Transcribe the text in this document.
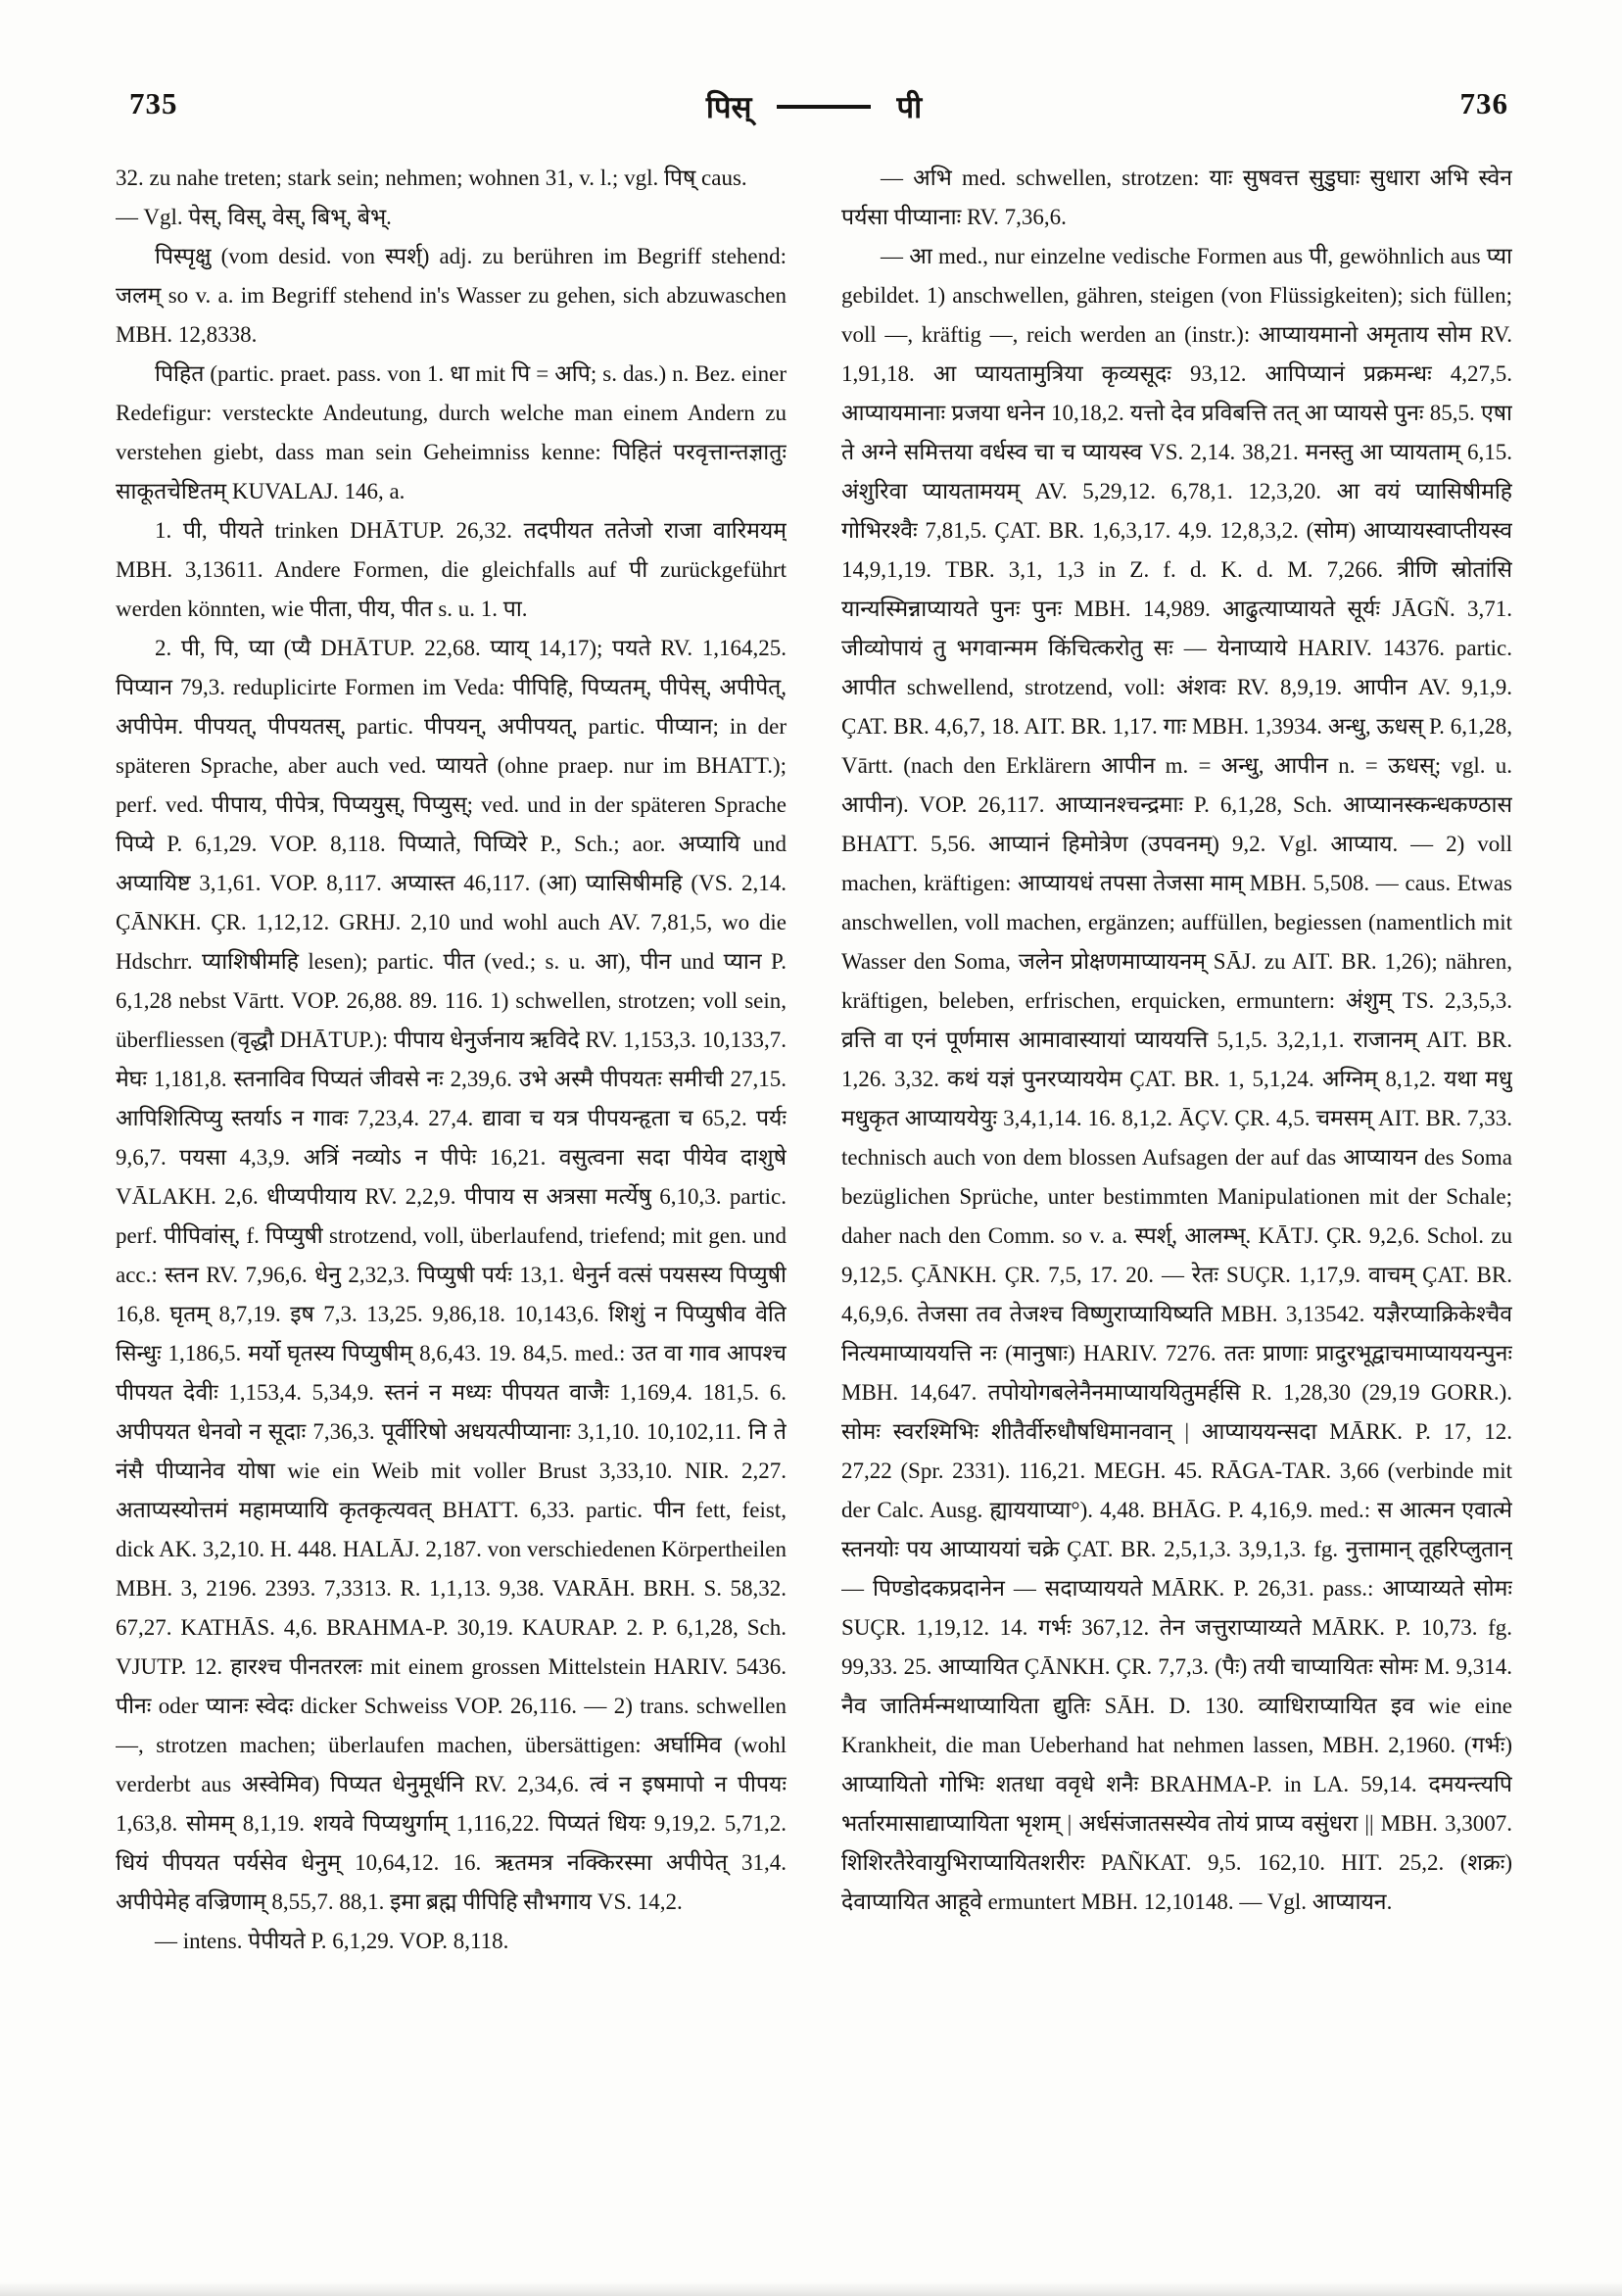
735	पिस्	पी	736

32. zu nahe treten; stark sein; nehmen; wohnen 31, v. l.; vgl. पिष् caus.

— Vgl. पेस्, विस्, वेस्, बिभ्, बेभ्.

पिस्पृक्षु (vom desid. von स्पर्श्) adj. zu berühren im Begriff stehend: जलम् so v. a. im Begriff stehend in's Wasser zu gehen, sich abzuwaschen MBH. 12,8338.

पिहित (partic. praet. pass. von 1. धा mit पि = अपि; s. das.) n. Bez. einer Redefigur: versteckte Andeutung, durch welche man einem Andern zu verstehen giebt, dass man sein Geheimniss kenne: पिहितं परवृत्तान्तज्ञातुः साकूतचेष्टितम् KUVALAJ. 146, a.

1. पी, पीयते trinken DHĀTUP. 26,32. तदपीयत ततेजो राजा वारिमयम् MBH. 3,13611. Andere Formen, die gleichfalls auf पी zurückgeführt werden könnten, wie पीता, पीय, पीत s. u. 1. पा.

2. पी, पि, प्या (प्यै DHĀTUP. 22,68. प्याय् 14,17); पयते RV. 1,164,25. पिप्यान 79,3. reduplicirte Formen im Veda: पीपिहि, पिप्यतम्, पीपेस्, अपीपेत्, अपीपेम. पीपयत्, पीपयतस्, partic. पीपयन्, अपीपयत्, partic. पीप्यान; in der späteren Sprache, aber auch ved. प्यायते (ohne praep. nur im BHATT.); perf. ved. पीपाय, पीपेत्र, पिप्ययुस्, पिप्युस्; ved. und in der späteren Sprache पिप्ये P. 6,1,29. VOP. 8,118. पिप्याते, पिप्यिरे P., Sch.; aor. अप्यायि und अप्यायिष्ट 3,1,61. VOP. 8,117. अप्यास्त 46,117. (आ) प्यासिषीमहि (VS. 2,14. ÇĀNKH. ÇR. 1,12,12. GRHJ. 2,10 und wohl auch AV. 7,81,5, wo die Hdschrr. प्याशिषीमहि lesen); partic. पीत (ved.; s. u. आ), पीन und प्यान P. 6,1,28 nebst Vārtt. VOP. 26,88. 89. 116. 1) schwellen, strotzen; voll sein, überfliessen (वृद्धौ DHĀTUP.): पीपाय धेनुर्जनाय ऋविदे RV. 1,153,3. 10,133,7. मेघः 1,181,8. स्तनाविव पिप्यतं जीवसे नः 2,39,6. उभे अस्मै पीपयतः समीची 27,15. आपिशित्पिप्यु स्तर्याऽ न गावः 7,23,4. 27,4. द्यावा च यत्र पीपयन्हृता च 65,2. पर्यः 9,6,7. पयसा 4,3,9. अत्रिं नव्योऽ न पीपेः 16,21. वसुत्वना सदा पीयेव दाशुषे VĀLAKH. 2,6. धीप्यपीयाय RV. 2,2,9. पीपाय स अत्रसा मर्त्येषु 6,10,3. partic. perf. पीपिवांस्, f. पिप्युषी strotzend, voll, überlaufend, triefend; mit gen. und acc.: स्तन RV. 7,96,6. धेनु 2,32,3. पिप्युषी पर्यः 13,1. धेनुर्न वत्सं पयसस्य पिप्युषी 16,8. घृतम् 8,7,19. इष 7,3. 13,25. 9,86,18. 10,143,6. शिशुं न पिप्युषीव वेति सिन्धुः 1,186,5. मर्यो घृतस्य पिप्युषीम् 8,6,43. 19. 84,5. med.: उत वा गाव आपश्च पीपयत देवीः 1,153,4. 5,34,9. स्तनं न मध्यः पीपयत वाजैः 1,169,4. 181,5. 6. अपीपयत धेनवो न सूदाः 7,36,3. पूर्वीरिषो अधयत्पीप्यानाः 3,1,10. 10,102,11. नि ते नंसै पीप्यानेव योषा wie ein Weib mit voller Brust 3,33,10. NIR. 2,27. अताप्यस्योत्तमं महामप्यायि कृतकृत्यवत् BHATT. 6,33. partic. पीन fett, feist, dick AK. 3,2,10. H. 448. HALĀJ. 2,187. von verschiedenen Körpertheilen MBH. 3, 2196. 2393. 7,3313. R. 1,1,13. 9,38. VARĀH. BRH. S. 58,32. 67,27. KATHĀS. 4,6. BRAHMA-P. 30,19. KAURAP. 2. P. 6,1,28, Sch. VJUTP. 12. हारश्च पीनतरलः mit einem grossen Mittelstein HARIV. 5436. पीनः oder प्यानः स्वेदः dicker Schweiss VOP. 26,116. — 2) trans. schwellen —, strotzen machen; überlaufen machen, übersättigen: अर्घामिव (wohl verderbt aus अस्वेमिव) पिप्यत धेनुमूर्धनि RV. 2,34,6. त्वं न इषमापो न पीपयः 1,63,8. सोमम् 8,1,19. शयवे पिप्यथुर्गाम् 1,116,22. पिप्यतं धियः 9,19,2. 5,71,2. धियं पीपयत पर्यसेव धेनुम् 10,64,12. 16. ऋतमत्र नक्किरस्मा अपीपेत् 31,4. अपीपेमेह वज्रिणाम् 8,55,7. 88,1. इमा ब्रह्म पीपिहि सौभगाय VS. 14,2.

— intens. पेपीयते P. 6,1,29. VOP. 8,118.

— अभि med. schwellen, strotzen: याः सुषवत्त सुडुघाः सुधारा अभि स्वेन पर्यसा पीप्यानाः RV. 7,36,6.

— आ med., nur einzelne vedische Formen aus पी, gewöhnlich aus प्या gebildet. 1) anschwellen, gähren, steigen (von Flüssigkeiten); sich füllen; voll —, kräftig —, reich werden an (instr.): आप्यायमानो अमृताय सोम RV. 1,91,18. आ प्यायतामुत्रिया कृव्यसूदः 93,12. आपिप्यानं प्रक्रमन्धः 4,27,5. आप्यायमानाः प्रजया धनेन 10,18,2. यत्तो देव प्रविबत्ति तत् आ प्यायसे पुनः 85,5. एषा ते अग्ने समित्तया वर्धस्व चा च प्यायस्व VS. 2,14. 38,21. मनस्तु आ प्यायताम् 6,15. अंशुरिवा प्यायतामयम् AV. 5,29,12. 6,78,1. 12,3,20. आ वयं प्यासिषीमहि गोभिरश्वैः 7,81,5. ÇAT. BR. 1,6,3,17. 4,9. 12,8,3,2. (सोम) आप्यायस्वाप्तीयस्व 14,9,1,19. TBR. 3,1, 1,3 in Z. f. d. K. d. M. 7,266. त्रीणि स्रोतांसि यान्यस्मिन्नाप्यायते पुनः पुनः MBH. 14,989. आढुत्याप्यायते सूर्यः JĀGÑ. 3,71. जीव्योपायं तु भगवान्मम किंचित्करोतु सः — येनाप्याये HARIV. 14376. partic. आपीत schwellend, strotzend, voll: अंशवः RV. 8,9,19. आपीन AV. 9,1,9. ÇAT. BR. 4,6,7, 18. AIT. BR. 1,17. गाः MBH. 1,3934. अन्धु, ऊधस् P. 6,1,28, Vārtt. (nach den Erklärern आपीन m. = अन्धु, आपीन n. = ऊधस्; vgl. u. आपीन). VOP. 26,117. आप्यानश्चन्द्रमाः P. 6,1,28, Sch. आप्यानस्कन्धकण्ठास BHATT. 5,56. आप्यानं हिमोत्रेण (उपवनम्) 9,2. Vgl. आप्याय. — 2) voll machen, kräftigen: आप्यायधं तपसा तेजसा माम् MBH. 5,508. — caus. Etwas anschwellen, voll machen, ergänzen; auffüllen, begiessen (namentlich mit Wasser den Soma, जलेन प्रोक्षणमाप्यायनम् SĀJ. zu AIT. BR. 1,26); nähren, kräftigen, beleben, erfrischen, erquicken, ermuntern: अंशुम् TS. 2,3,5,3. व्रत्ति वा एनं पूर्णमास आमावास्यायां प्याययत्ति 5,1,5. 3,2,1,1. राजानम् AIT. BR. 1,26. 3,32. कथं यज्ञं पुनरप्याययेम ÇAT. BR. 1, 5,1,24. अग्निम् 8,1,2. यथा मधु मधुकृत आप्याययेयुः 3,4,1,14. 16. 8,1,2. ĀÇV. ÇR. 4,5. चमसम् AIT. BR. 7,33. technisch auch von dem blossen Aufsagen der auf das आप्यायन des Soma bezüglichen Sprüche, unter bestimmten Manipulationen mit der Schale; daher nach den Comm. so v. a. स्पर्श्, आलम्भ्. KĀTJ. ÇR. 9,2,6. Schol. zu 9,12,5. ÇĀNKH. ÇR. 7,5, 17. 20. — रेतः SUÇR. 1,17,9. वाचम् ÇAT. BR. 4,6,9,6. तेजसा तव तेजश्च विष्णुराप्यायिष्यति MBH. 3,13542. यज्ञैरप्याक्रिकेश्चैव नित्यमाप्याययत्ति नः (मानुषाः) HARIV. 7276. ततः प्राणाः प्रादुरभूद्वाचमाप्याययन्पुनः MBH. 14,647. तपोयोगबलेनैनमाप्याययितुमर्हसि R. 1,28,30 (29,19 GORR.). सोमः स्वरश्मिभिः शीतैर्वीरुधौषधिमानवान् | आप्याययन्सदा MĀRK. P. 17, 12. 27,22 (Spr. 2331). 116,21. MEGH. 45. RĀGA-TAR. 3,66 (verbinde mit der Calc. Ausg. ह्याययाप्या°). 4,48. BHĀG. P. 4,16,9. med.: स आत्मन एवात्मे स्तनयोः पय आप्याययां चक्रे ÇAT. BR. 2,5,1,3. 3,9,1,3. fg. नुत्तामान् तूहरिप्लुतान् — पिण्डोदकप्रदानेन — सदाप्याययते MĀRK. P. 26,31. pass.: आप्याय्यते सोमः SUÇR. 1,19,12. 14. गर्भः 367,12. तेन जत्तुराप्याय्यते MĀRK. P. 10,73. fg. 99,33. 25. आप्यायित ÇĀNKH. ÇR. 7,7,3. (पैः) तयी चाप्यायितः सोमः M. 9,314. नैव जातिर्मन्मथाप्यायिता द्युतिः SĀH. D. 130. व्याधिराप्यायित इव wie eine Krankheit, die man Ueberhand hat nehmen lassen, MBH. 2,1960. (गर्भः) आप्यायितो गोभिः शतधा ववृधे शनैः BRAHMA-P. in LA. 59,14. दमयन्त्यपि भर्तारमासाद्याप्यायिता भृशम् | अर्धसंजातसस्येव तोयं प्राप्य वसुंधरा || MBH. 3,3007. शिशिरतैरेवायुभिराप्यायितशरीरः PAÑKAT. 9,5. 162,10. HIT. 25,2. (शक्रः) देवाप्यायित आहूवे ermuntert MBH. 12,10148. — Vgl. आप्यायन.
